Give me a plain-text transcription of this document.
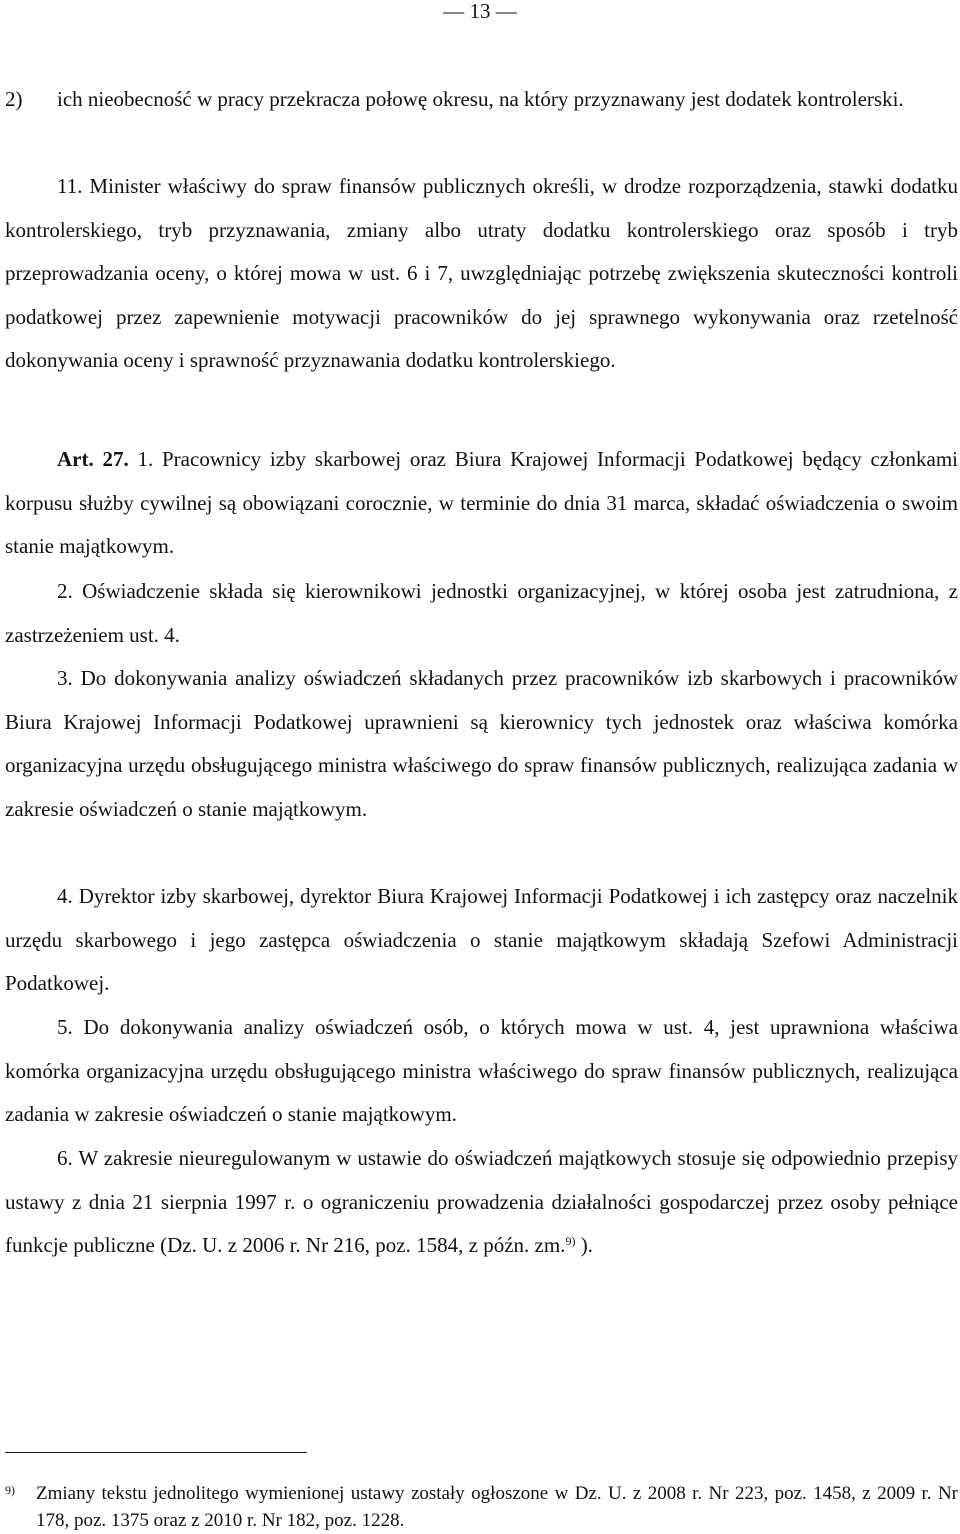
— 13 —
2) ich nieobecność w pracy przekracza połowę okresu, na który przyznawany jest dodatek kontrolerski.
11. Minister właściwy do spraw finansów publicznych określi, w drodze rozporządzenia, stawki dodatku kontrolerskiego, tryb przyznawania, zmiany albo utraty dodatku kontrolerskiego oraz sposób i tryb przeprowadzania oceny, o której mowa w ust. 6 i 7, uwzględniając potrzebę zwiększenia skuteczności kontroli podatkowej przez zapewnienie motywacji pracowników do jej sprawnego wykonywania oraz rzetelność dokonywania oceny i sprawność przyznawania dodatku kontrolerskiego.
Art. 27. 1. Pracownicy izby skarbowej oraz Biura Krajowej Informacji Podatkowej będący członkami korpusu służby cywilnej są obowiązani corocznie, w terminie do dnia 31 marca, składać oświadczenia o swoim stanie majątkowym.
2. Oświadczenie składa się kierownikowi jednostki organizacyjnej, w której osoba jest zatrudniona, z zastrzeżeniem ust. 4.
3. Do dokonywania analizy oświadczeń składanych przez pracowników izb skarbowych i pracowników Biura Krajowej Informacji Podatkowej uprawnieni są kierownicy tych jednostek oraz właściwa komórka organizacyjna urzędu obsługującego ministra właściwego do spraw finansów publicznych, realizująca zadania w zakresie oświadczeń o stanie majątkowym.
4. Dyrektor izby skarbowej, dyrektor Biura Krajowej Informacji Podatkowej i ich zastępcy oraz naczelnik urzędu skarbowego i jego zastępca oświadczenia o stanie majątkowym składają Szefowi Administracji Podatkowej.
5. Do dokonywania analizy oświadczeń osób, o których mowa w ust. 4, jest uprawniona właściwa komórka organizacyjna urzędu obsługującego ministra właściwego do spraw finansów publicznych, realizująca zadania w zakresie oświadczeń o stanie majątkowym.
6. W zakresie nieuregulowanym w ustawie do oświadczeń majątkowych stosuje się odpowiednio przepisy ustawy z dnia 21 sierpnia 1997 r. o ograniczeniu prowadzenia działalności gospodarczej przez osoby pełniące funkcje publiczne (Dz. U. z 2006 r. Nr 216, poz. 1584, z późn. zm.$^{9)}$ ).
9)	Zmiany tekstu jednolitego wymienionej ustawy zostały ogłoszone w Dz. U. z 2008 r. Nr 223, poz. 1458, z 2009 r. Nr 178, poz. 1375 oraz z 2010 r. Nr 182, poz. 1228.
